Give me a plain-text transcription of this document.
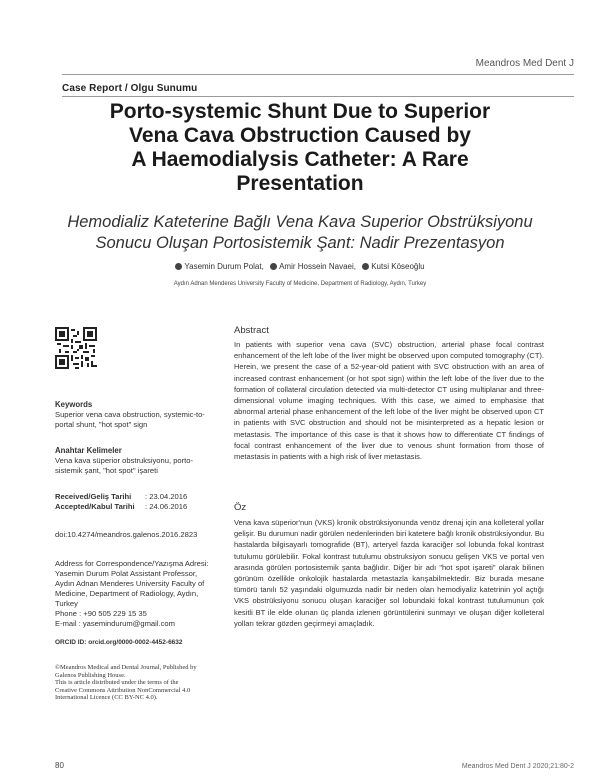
Meandros Med Dent J
Case Report / Olgu Sunumu
Porto-systemic Shunt Due to Superior
Vena Cava Obstruction Caused by
A Haemodialysis Catheter: A Rare
Presentation
Hemodializ Kateterine Bağlı Vena Kava Superior Obstrüksiyonu
Sonucu Oluşan Portosistemik Şant: Nadir Prezentasyon
Yasemin Durum Polat, Amir Hossein Navaei, Kutsi Köseoğlu
Aydın Adnan Menderes University Faculty of Medicine, Department of Radiology, Aydın, Turkey
Keywords
Superior vena cava obstruction, systemic-to-portal shunt, "hot spot" sign
Anahtar Kelimeler
Vena kava süperior obstruksiyonu, porto-sistemik şant, "hot spot" işareti
Received/Geliş Tarihi : 23.04.2016
Accepted/Kabul Tarihi : 24.06.2016
doi:10.4274/meandros.galenos.2016.2823
Address for Correspondence/Yazışma Adresi:
Yasemin Durum Polat Assistant Professor,
Aydın Adnan Menderes University Faculty of
Medicine, Department of Radiology, Aydın,
Turkey
Phone : +90 505 229 15 35
E-mail : yasemindurum@gmail.com
ORCID ID: orcid.org/0000-0002-4452-6632
©Meandros Medical and Dental Journal, Published by
Galenos Publishing House.
This is article distributed under the terms of the
Creative Commons Attribution NonCommercial 4.0
International Licence (CC BY-NC 4.0).
Abstract
In patients with superior vena cava (SVC) obstruction, arterial phase focal contrast enhancement of the left lobe of the liver might be observed upon computed tomography (CT). Herein, we present the case of a 52-year-old patient with SVC obstruction with an area of increased contrast enhancement (or hot spot sign) within the left lobe of the liver due to the formation of collateral circulation detected via multi-detector CT using multiplanar and three-dimensional volume imaging techniques. With this case, we aimed to emphasise that abnormal arterial phase enhancement of the left lobe of the liver might be observed upon CT in patients with SVC obstruction and should not be misinterpreted as a hepatic lesion or metastasis. The importance of this case is that it shows how to differentiate CT findings of focal contrast enhancement of the liver due to venous shunt formation from those of metastasis in patients with a high risk of liver metastasis.
Öz
Vena kava süperior'nun (VKS) kronik obstrüksiyonunda venöz drenaj için ana kolleteral yollar gelişir. Bu durumun nadir görülen nedenlerinden biri katetere bağlı kronik obstrüksiyondur. Bu hastalarda bilgisayarlı tomografide (BT), arteryel fazda karaciğer sol lobunda fokal kontrast tutulumu görülebilir. Fokal kontrast tutulumu obstruksiyon sonucu gelişen VKS ve portal ven arasında görülen portosistemik şanta bağlıdır. Diğer bir adı "hot spot işareti" olarak bilinen görünüm özellikle onkolojik hastalarda metastazla karışabilmektedir. Biz burada mesane tümörü tanılı 52 yaşındaki olgumuzda nadir bir neden olan hemodiyaliz katetrinin yol açtığı VKS obstrüksiyonu sonucu oluşan karaciğer sol lobundaki fokal kontrast tutulumunun çok kesitli BT ile elde olunan üç planda izlenen görüntülerini sunmayı ve oluşan diğer kolleteral yolları tekrar gözden geçirmeyi amaçladık.
80	Meandros Med Dent J 2020;21:80-2
